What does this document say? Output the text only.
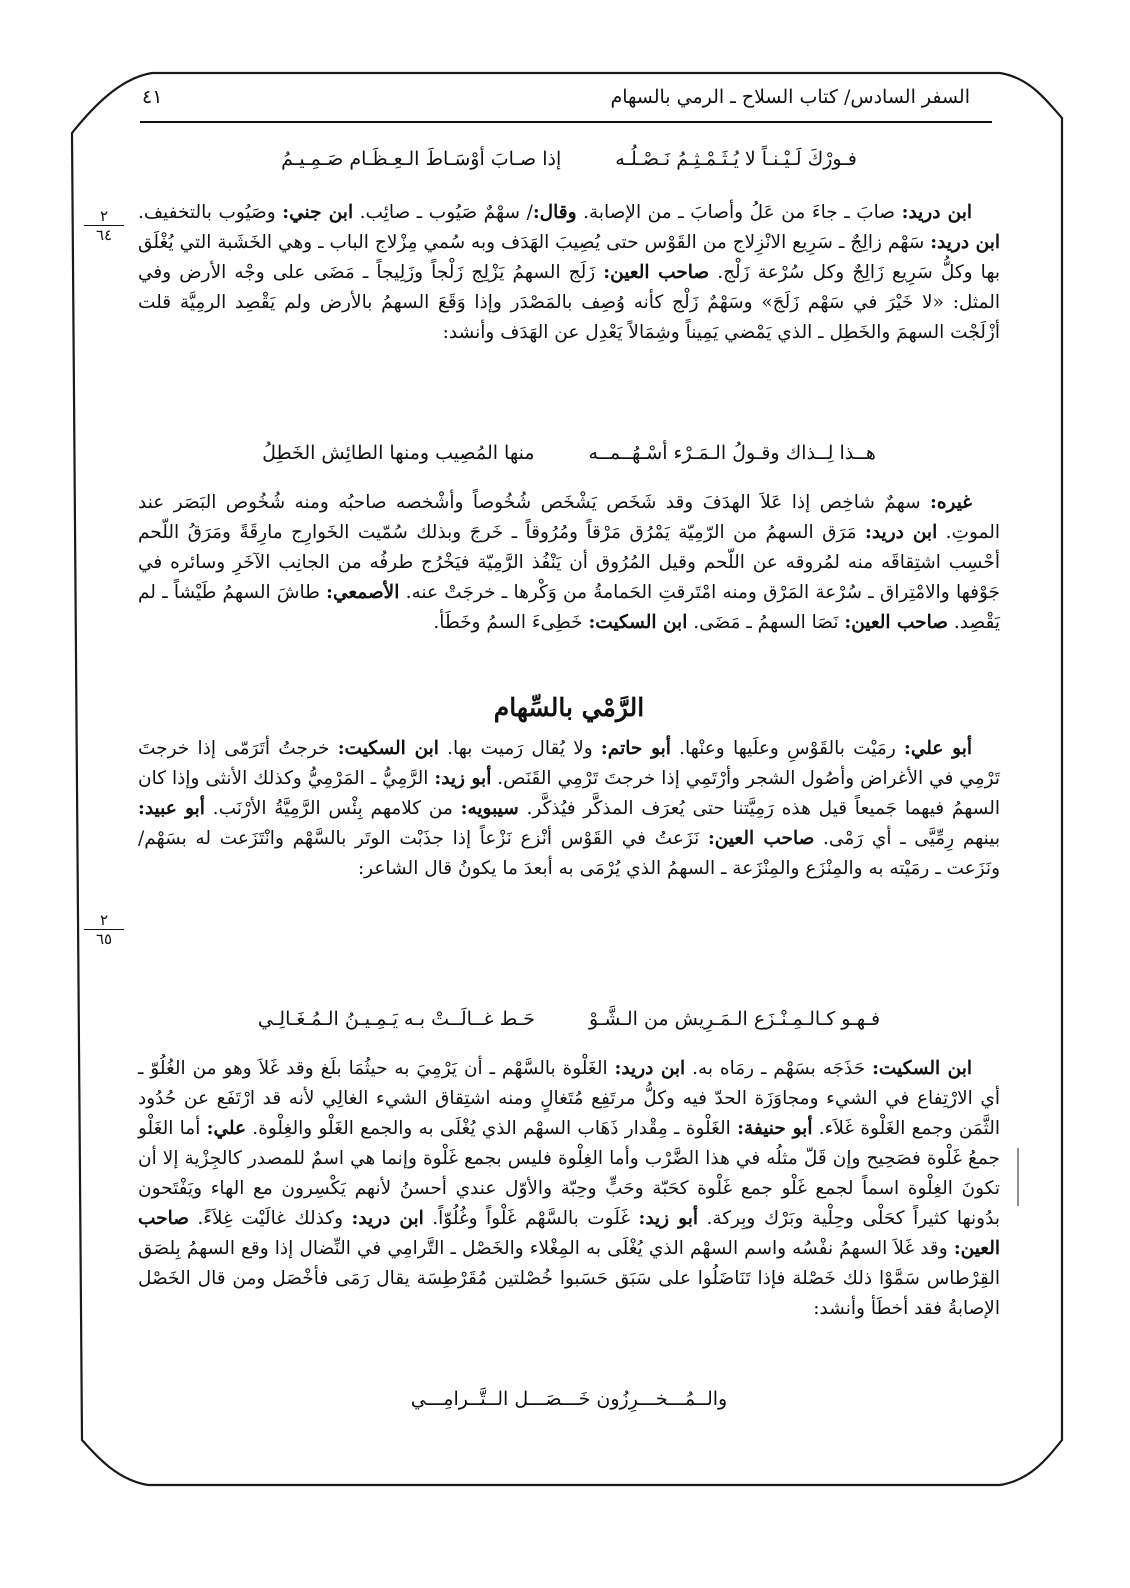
السفر السادس/ كتاب السلاح ـ الرمي بالسهام
٤١
٢
٦٤
٢
٦٥
فـورْكَ لَـيْـنـاً لا يُـثَـمْـثِـمُ نَـصْـلُـهإذا صـابَ أوْسَـاطَ الـعِـظَـام صَـمِـيـمُ
ابن دريد: صابَ ـ جاءَ من عَلُ وأصابَ ـ من الإصابة. وقال:/ سهْمٌ صَيُوب ـ صائِب. ابن جني: وصَيُوب بالتخفيف. ابن دريد: سَهْم زالِجٌ ـ سَرِيع الانْزِلاج من القَوْس حتى يُصِيبَ الهَدَف وبه سُمي مِزْلاج الباب ـ وهي الخَشَبة التي يُغْلَق بها وكلُّ سَرِيع زَالِجٌ وكل سُرْعة زَلْج. صاحب العين: زَلَج السهمُ يَزْلِج زَلْجاً وزَلِيجاً ـ مَضَى على وجْه الأرض وفي المثل: «لا خَيْرَ في سَهْم زَلَجَ» وسَهْمٌ زَلْج كأنه وُصِف بالمَصْدَر وإذا وَقَعَ السهمُ بالأرض ولم يَقْصِد الرمِيَّة قلت أزْلَجْت السهمَ والخَطِل ـ الذي يَمْضي يَمِيناً وشِمَالاً يَعْدِل عن الهَدَف وأنشد:
هــذا لِــذاك وقـولُ الـمَـرْء أسْـهُــمــهمنها المُصِيب ومنها الطائِش الخَطِلُ
غيره: سهمٌ شاخِص إذا عَلاَ الهدَفَ وقد شَخَص يَشْخَص شُخُوصاً وأشْخصه صاحبُه ومنه شُخُوص البَصَر عند الموتِ. ابن دريد: مَرَق السهمُ من الرّمِيّة يَمْرُق مَرْقاً ومُرُوقاً ـ خَرجَ وبذلك سُمّيت الخَوارِج مارِقَةً ومَرَقُ اللّحم أحْسِب اشتِقاقَه منه لمُروقه عن اللّحم وقيل المُرُوق أن يَنْفُذ الرَّمِيّة فيَخْرُج طرفُه من الجانِب الآخَرِ وسائره في جَوْفها والامْتِراق ـ سُرْعة المَرْق ومنه امْتَرقتِ الحَمامةُ من وَكْرها ـ خرجَتْ عنه. الأصمعي: طاشَ السهمُ طَيْشاً ـ لم يَقْصِد. صاحب العين: نَصَا السهمُ ـ مَضَى. ابن السكيت: خَطِىءَ السمُ وخَطَأ.
الرَّمْي بالسِّهام
أبو علي: رمَيْت بالقَوْسِ وعلَيها وعنْها. أبو حاتم: ولا يُقال رَميت بها. ابن السكيت: خرجتُ أتَرَمّى إذا خرجتَ تَرْمِي في الأغراض وأصُول الشجر وأرْتَمِي إذا خرجتَ تَرْمِي القَنَص. أبو زيد: الرَّمِيُّ ـ المَرْمِيُّ وكذلك الأنثى وإذا كان السهمُ فيهما جَميعاً قيل هذه رَمِيَّتنا حتى يُعرَف المذكَّر فيُذكَّر. سيبويه: من كلامهم بِئْس الرَّمِيَّةُ الأرْنَب. أبو عبيد: بينهم رِمِّيَّى ـ أي رَمْى. صاحب العين: نَزَعتُ في القَوْس أنْزع نَزْعاً إذا جذَبْت الوتَر بالسَّهْم وانْتَزَعت له بسَهْم/ ونَزَعت ـ رمَيْته به والمِنْزَع والمِنْزَعة ـ السهمُ الذي يُرْمَى به أبعدَ ما يكونُ قال الشاعر:
فـهـو كـالـمِـنْـزَع الـمَـرِيش من الـشَّـوْحَـط غــالَــتْ بـه يَـمِـيـنُ الـمُـغَـالِـي
ابن السكيت: حَذَجَه بسَهْم ـ رمَاه به. ابن دريد: الغَلْوة بالسَّهْم ـ أن يَرْمِيَ به حيثُمَا بلَغ وقد غَلاَ وهو من الغُلُوّ ـ أي الارْتِفاع في الشيء ومجاوَزَة الحدّ فيه وكلُّ مرتَفِع مُتَغالٍ ومنه اشتِقاق الشيء الغالِي لأنه قد ارْتَفَع عن حُدُود الثَّمَن وجمع الغَلْوة غَلاَء. أبو حنيفة: الغَلْوة ـ مِقْدار ذَهَاب السهْم الذي يُغْلَى به والجمع الغَلْو والغِلْوة. علي: أما الغَلْو جمعُ غَلْوة فصَحِيح وإن قَلّ مثلُه في هذا الضَّرْب وأما الغِلْوة فليس بجمع غَلْوة وإنما هي اسمٌ للمصدر كالجِزْية إلا أن تكونَ الغِلْوة اسماً لجمع غَلْو جمع غَلْوة كحَبّة وحَبٍّ وحِبّة والأوّل عندي أحسنُ لأنهم يَكْسِرون مع الهاء ويَفْتَحون بدُونها كثيراً كحَلْى وحِلْية وبَرْك وبِركة. أبو زيد: غَلَوت بالسَّهْم غَلْواً وغُلُوّاً. ابن دريد: وكذلك غالَيْت غِلاَءً. صاحب العين: وقد غَلاَ السهمُ نفْسُه واسم السهْم الذي يُغْلَى به المِغْلاء والخَصْل ـ التَّرامِي في النِّضال إذا وقع السهمُ بِلصَق القِرْطاس سَمَّوْا ذلك خَصْلة فإذا تَنَاضَلُوا على سَبَق حَسَبوا خُصْلتين مُقَرْطِسَة يقال رَمَى فأخْصَل ومن قال الخَصْل الإصابةُ فقد أخطَأ وأنشد:
والــمُـــخـــرِزُون خَـــصَـــل الــتَّــرامِـــي
